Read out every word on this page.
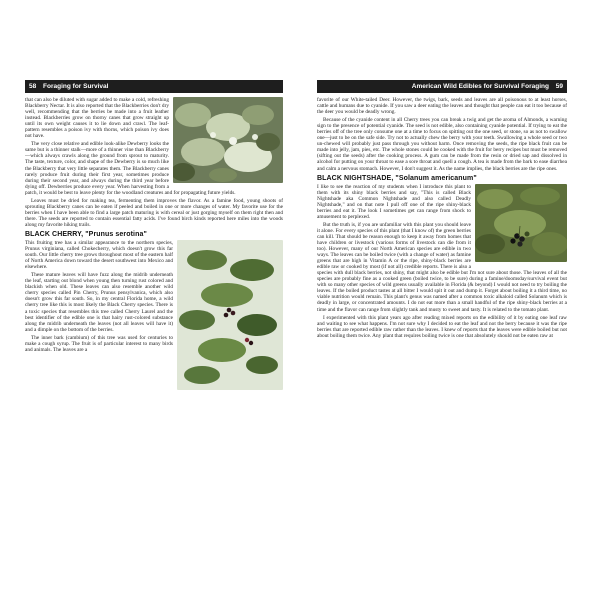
58 Foraging for Survival

that can also be diluted with sugar added to make a cold, refreshing Blackberry Nectar. It is also reported that the Blackberries don't dry well, recommending that the berries be made into a fruit leather instead. Blackberries grow on thorny canes that grow straight up until its own weight causes it to lie down and crawl. The leaf-pattern resembles a poison ivy with thorns, which poison ivy does not have.

The very close relative and edible look-alike Dewberry looks the same but is a thinner stalk—more of a thinner vine than Blackberry—which always crawls along the ground from sprout to maturity. The taste, texture, color, and shape of the Dewberry is so much like the Blackberry that very little separates them. The Blackberry canes rarely produce fruit during their first year, sometimes produce during their second year, and always during the third year before dying off. Dewberries produce every year. When harvesting from a patch, it would be best to leave plenty for the woodland creatures and for propagating future yields.

Leaves must be dried for making tea, fermenting them improves the flavor. As a famine food, young shoots of sprouting Blackberry canes can be eaten if peeled and boiled in one or more changes of water. My favorite use for the berries when I have been able to find a large patch maturing is with cereal or just gorging myself on them right then and there. The seeds are reported to contain essential fatty acids. I've found birch kinds reported here miles into the woods along my favorite hiking trails.

BLACK CHERRY, "Prunus serotina"

This fruiting tree has a similar appearance to the northern species, Prunus virginiana, called Chokecherry, which doesn't grow this far south. Our little cherry tree grows throughout most of the eastern half of North America down toward the desert southwest into Mexico and elsewhere.

These mature leaves will have fuzz along the midrib underneath the leaf, starting out blond when young then turning rust colored and blackish when old. These leaves can also resemble another wild cherry species called Pin Cherry, Prunus pensylvanica, which also doesn't grow this far south. So, in my central Florida home, a wild cherry tree like this is most likely the Black Cherry species. There is a toxic species that resembles this tree called Cherry Laurel and the best identifier of the edible one is that hairy rust-colored substance along the midrib underneath the leaves (not all leaves will have it) and a dimple on the bottom of the berries.

The inner bark (cambium) of this tree was used for centuries to make a cough syrup. The fruit is of particular interest to many birds and animals. The leaves are a

American Wild Edibles for Survival Foraging 59

favorite of our White-tailed Deer. However, the twigs, bark, seeds and leaves are all poisonous to at least horses, cattle and humans due to cyanide. If you saw a deer eating the leaves and thought that people can eat it too because of the deer you would be deadly wrong.

Because of the cyanide content in all Cherry trees you can break a twig and get the aroma of Almonds, a warning sign to the presence of potential cyanide. The seed is not edible, also containing cyanide potential. If trying to eat the berries off of the tree only consume one at a time to focus on spitting out the one seed, or stone, so as not to swallow one—just to be on the safe side. Try not to actually chew the berry with your teeth. Swallowing a whole seed or two un-chewed will probably just pass through you without harm. Once removing the seeds, the ripe black fruit can be made into jelly, jam, pies, etc. The whole stones could be cooked with the fruit for berry recipes but must be removed (sifting out the seeds) after the cooking process. A gum can be made from the resin or dried sap and dissolved in alcohol for putting on your throat to ease a sore throat and quell a cough. A tea is made from the bark to ease diarrhea and calm a nervous stomach. However, I don't suggest it. As the name implies, the black berries are the ripe ones.

BLACK NIGHTSHADE, "Solanum americanum"

I like to see the reaction of my students when I introduce this plant to them with its shiny black berries and say, "This is called Black Nightshade aka Common Nightshade and also called Deadly Nightshade," and on that note I pull off one of the ripe shiny-black berries and eat it. The look I sometimes get can range from shock to amusement to perplexed.

But the truth is, if you are unfamiliar with this plant you should leave it alone. For every species of this plant (that I know of) the green berries can kill. That should be reason enough to keep it away from homes that have children or livestock (various forms of livestock can die from it too). However, many of our North American species are edible in two ways. The leaves can be boiled twice (with a change of water) as famine greens that are high in Vitamin A or the ripe, shiny-black berries are edible raw or cooked by most (if not all) credible reports. There is also a species with dull black berries, not shiny, that might also be edible but I'm not sure about those. The leaves of all the species are probably fine as a cooked green (boiled twice, to be sure) during a famine/doomsday/survival event but with so many other species of wild greens usually available in Florida (& beyond) I would not need to try boiling the leaves. If the boiled product tastes at all bitter I would spit it out and dump it. Forget about boiling it a third time, no viable nutrition would remain. This plant's genus was named after a common toxic alkaloid called Solanum which is deadly in large, or concentrated amounts. I do not eat more than a small handful of the ripe shiny-black berries at a time and the flavor can range from slightly tank and musty to sweet and tasty. It is related to the tomato plant.

I experimented with this plant years ago after reading mixed reports on the edibility of it by eating one leaf raw and waiting to see what happens. I'm not sure why I decided to eat the leaf and not the berry because it was the ripe berries that are reported edible raw rather than the leaves. I knew of reports that the leaves were edible boiled but not about boiling them twice. Any plant that requires boiling twice is one that absolutely should not be eaten raw at
